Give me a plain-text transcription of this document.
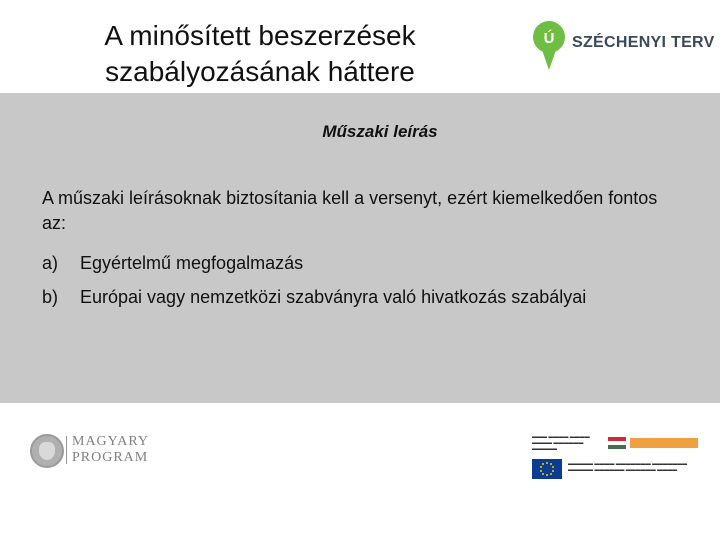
A minősített beszerzések
szabályozásának háttere
Ú SZÉCHENYI TERV
Műszaki leírás
A műszaki leírásoknak biztosítania kell a versenyt, ezért kiemelkedően fontos az:
a) Egyértelmű megfogalmazás
b) Európai vagy nemzetközi szabványra való hivatkozás szabályai
MAGYARY
PROGRAM
▬▬▬ ▬▬▬▬ ▬▬▬▬
▬▬▬▬ ▬▬▬▬▬▬
▬▬▬▬▬
▬▬▬▬▬ ▬▬▬▬ ▬▬▬▬▬▬▬ ▬▬▬▬▬▬▬
▬▬▬▬▬ ▬▬▬▬▬▬ ▬▬▬▬▬▬ ▬▬▬▬
